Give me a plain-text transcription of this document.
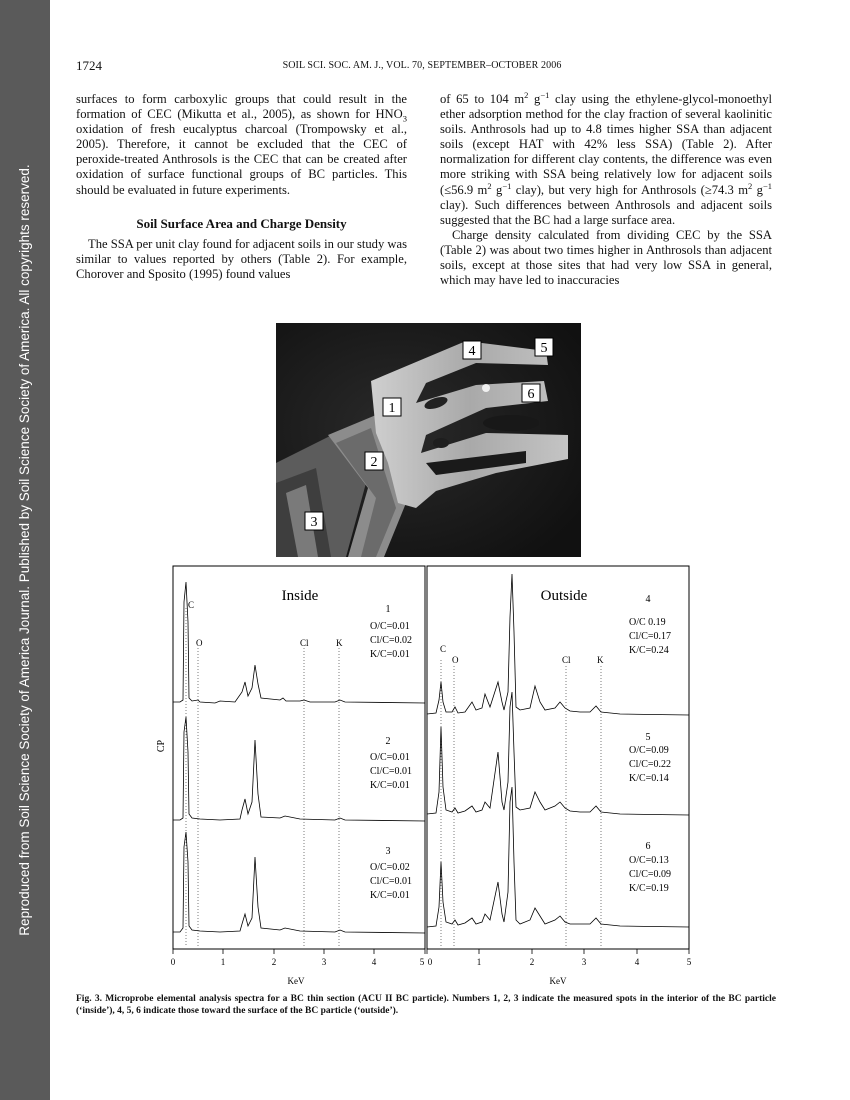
Reproduced from Soil Science Society of America Journal. Published by Soil Science Society of America. All copyrights reserved.
1724	SOIL SCI. SOC. AM. J., VOL. 70, SEPTEMBER–OCTOBER 2006

surfaces to form carboxylic groups that could result in the formation of CEC (Mikutta et al., 2005), as shown for $HNO_3$ oxidation of fresh eucalyptus charcoal (Trompowsky et al., 2005). Therefore, it cannot be excluded that the CEC of peroxide-treated Anthrosols is the CEC that can be created after oxidation of surface functional groups of BC particles. This should be evaluated in future experiments.

Soil Surface Area and Charge Density

The SSA per unit clay found for adjacent soils in our study was similar to values reported by others (Table 2). For example, Chorover and Sposito (1995) found values

of 65 to 104 $m^2$ $g^{-1}$ clay using the ethylene-glycol-monoethyl ether adsorption method for the clay fraction of several kaolinitic soils. Anthrosols had up to 4.8 times higher SSA than adjacent soils (except HAT with 42% less SSA) (Table 2). After normalization for different clay contents, the difference was even more striking with SSA being relatively low for adjacent soils (≤56.9 $m^2$ $g^{-1}$ clay), but very high for Anthrosols (≥74.3 $m^2$ $g^{-1}$ clay). Such differences between Anthrosols and adjacent soils suggested that the BC had a large surface area.

Charge density calculated from dividing CEC by the SSA (Table 2) was about two times higher in Anthrosols than adjacent soils, except at those sites that had very low SSA in general, which may have led to inaccuracies

1
2
3
4	5
6
CP
Inside	Outside
C
O	Cl	K
C
O	Cl	K
1
O/C=0.01
Cl/C=0.02
K/C=0.01
2
O/C=0.01
Cl/C=0.01
K/C=0.01
3
O/C=0.02
Cl/C=0.01
K/C=0.01
4
O/C 0.19
Cl/C=0.17
K/C=0.24
5
O/C=0.09
Cl/C=0.22
K/C=0.14
6
O/C=0.13
Cl/C=0.09
K/C=0.19
0	1	2	3	4	5 0	1	2	3	4	5
KeV	KeV
Fig. 3. Microprobe elemental analysis spectra for a BC thin section (ACU II BC particle). Numbers 1, 2, 3 indicate the measured spots in the interior of the BC particle (‘inside’), 4, 5, 6 indicate those toward the surface of the BC particle (‘outside’).
